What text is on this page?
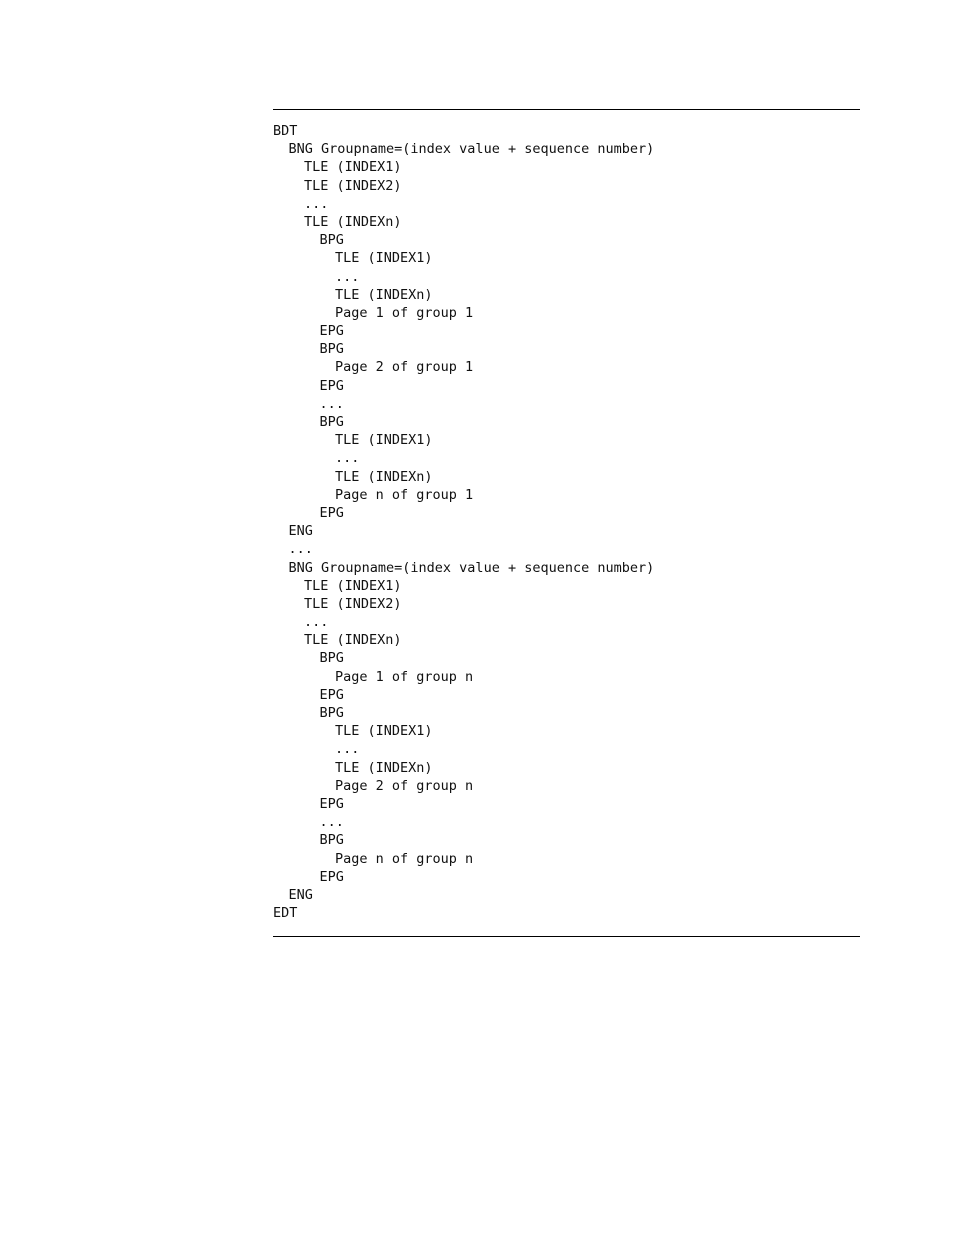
BDT
BNG Groupname=(index value + sequence number)
TLE (INDEX1)
TLE (INDEX2)
...
TLE (INDEXn)
BPG
TLE (INDEX1)
...
TLE (INDEXn)
Page 1 of group 1
EPG
BPG
Page 2 of group 1
EPG
...
BPG
TLE (INDEX1)
...
TLE (INDEXn)
Page n of group 1
EPG
ENG
...
BNG Groupname=(index value + sequence number)
TLE (INDEX1)
TLE (INDEX2)
...
TLE (INDEXn)
BPG
Page 1 of group n
EPG
BPG
TLE (INDEX1)
...
TLE (INDEXn)
Page 2 of group n
EPG
...
BPG
Page n of group n
EPG
ENG
EDT
